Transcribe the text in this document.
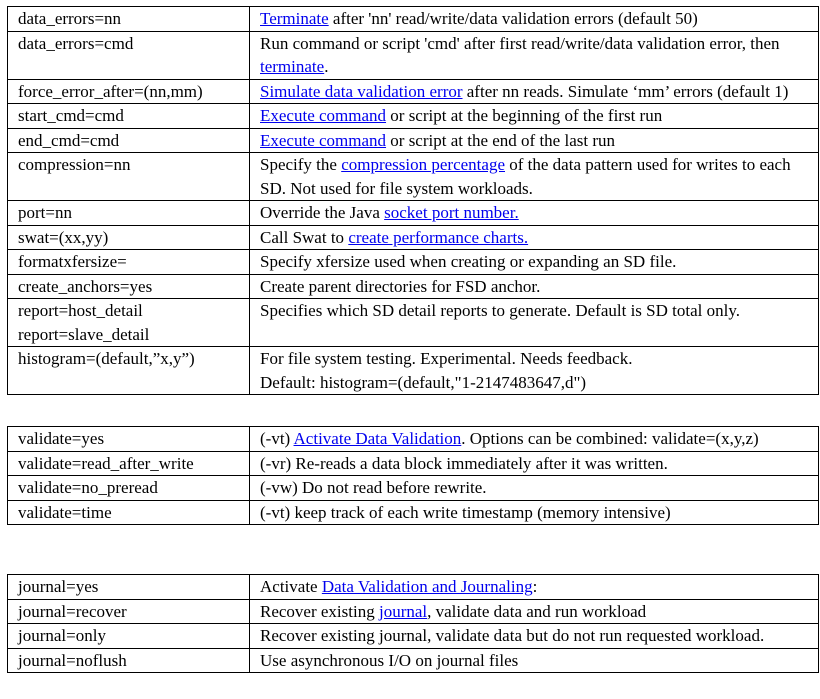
data_errors=nn	Terminate after 'nn' read/write/data validation errors (default 50)
data_errors=cmd	Run command or script 'cmd' after first read/write/data validation error, then terminate.
force_error_after=(nn,mm)	Simulate data validation error after nn reads. Simulate ‘mm’ errors (default 1)
start_cmd=cmd	Execute command or script at the beginning of the first run
end_cmd=cmd	Execute command or script at the end of the last run
compression=nn	Specify the compression percentage of the data pattern used for writes to each SD. Not used for file system workloads.
port=nn	Override the Java socket port number.
swat=(xx,yy)	Call Swat to create performance charts.
formatxfersize=	Specify xfersize used when creating or expanding an SD file.
create_anchors=yes	Create parent directories for FSD anchor.
report=host_detail
report=slave_detail	Specifies which SD detail reports to generate. Default is SD total only.
histogram=(default,”x,y”)	For file system testing. Experimental. Needs feedback.
Default: histogram=(default,"1-2147483647,d")
validate=yes	(-vt) Activate Data Validation. Options can be combined: validate=(x,y,z)
validate=read_after_write	(-vr) Re-reads a data block immediately after it was written.
validate=no_preread	(-vw) Do not read before rewrite.
validate=time	(-vt) keep track of each write timestamp (memory intensive)
journal=yes	Activate Data Validation and Journaling:
journal=recover	Recover existing journal, validate data and run workload
journal=only	Recover existing journal, validate data but do not run requested workload.
journal=noflush	Use asynchronous I/O on journal files
